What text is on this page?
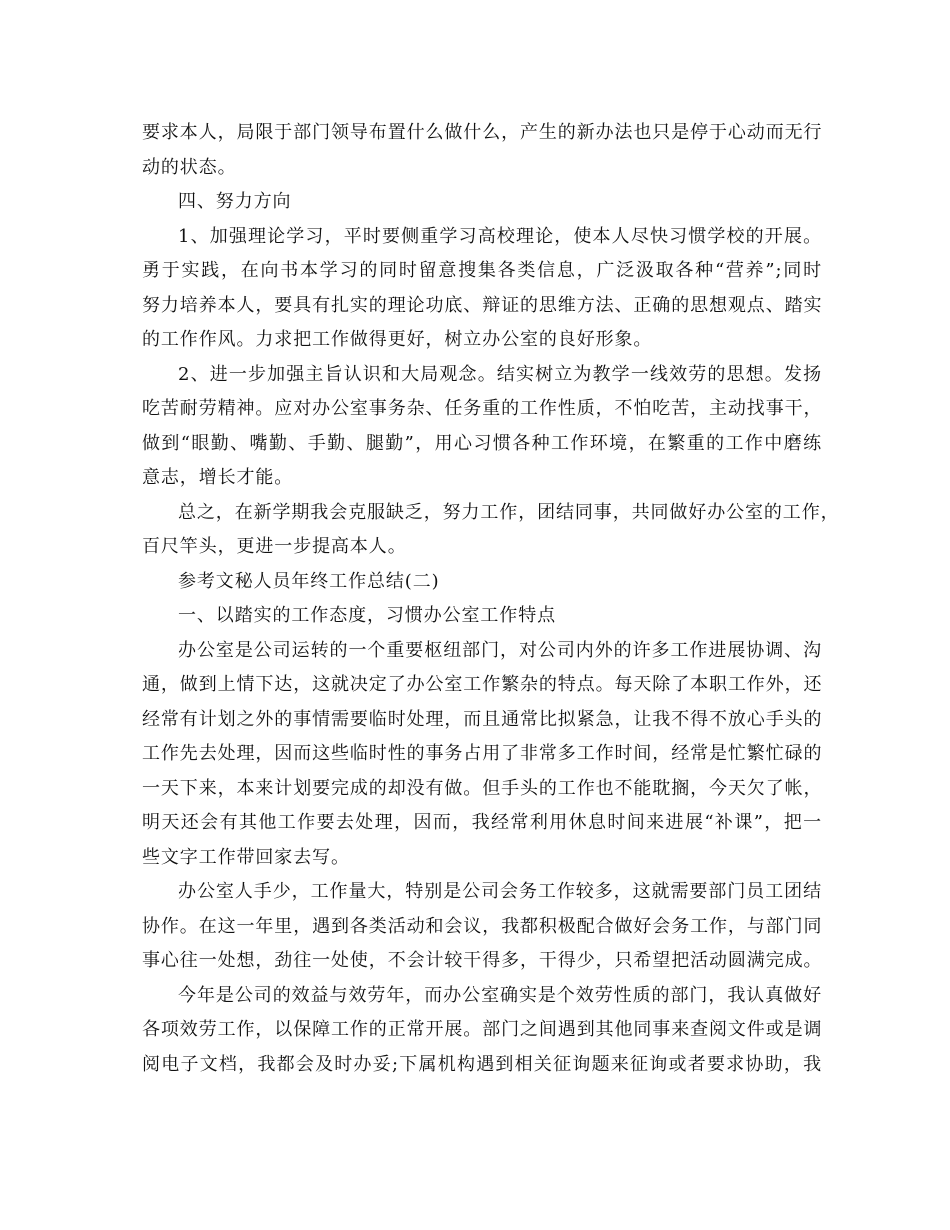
要求本人，局限于部门领导布置什么做什么，产生的新办法也只是停于心动而无行
动的状态。
四、努力方向
1、加强理论学习，平时要侧重学习高校理论，使本人尽快习惯学校的开展。
勇于实践，在向书本学习的同时留意搜集各类信息，广泛汲取各种“营养”;同时
努力培养本人，要具有扎实的理论功底、辩证的思维方法、正确的思想观点、踏实
的工作作风。力求把工作做得更好，树立办公室的良好形象。
2、进一步加强主旨认识和大局观念。结实树立为教学一线效劳的思想。发扬
吃苦耐劳精神。应对办公室事务杂、任务重的工作性质，不怕吃苦，主动找事干，
做到“眼勤、嘴勤、手勤、腿勤”，用心习惯各种工作环境，在繁重的工作中磨练
意志，增长才能。
总之，在新学期我会克服缺乏，努力工作，团结同事，共同做好办公室的工作，
百尺竿头，更进一步提高本人。
参考文秘人员年终工作总结(二)
一、以踏实的工作态度，习惯办公室工作特点
办公室是公司运转的一个重要枢纽部门，对公司内外的许多工作进展协调、沟
通，做到上情下达，这就决定了办公室工作繁杂的特点。每天除了本职工作外，还
经常有计划之外的事情需要临时处理，而且通常比拟紧急，让我不得不放心手头的
工作先去处理，因而这些临时性的事务占用了非常多工作时间，经常是忙繁忙碌的
一天下来，本来计划要完成的却没有做。但手头的工作也不能耽搁，今天欠了帐，
明天还会有其他工作要去处理，因而，我经常利用休息时间来进展“补课”，把一
些文字工作带回家去写。
办公室人手少，工作量大，特别是公司会务工作较多，这就需要部门员工团结
协作。在这一年里，遇到各类活动和会议，我都积极配合做好会务工作，与部门同
事心往一处想，劲往一处使，不会计较干得多，干得少，只希望把活动圆满完成。
今年是公司的效益与效劳年，而办公室确实是个效劳性质的部门，我认真做好
各项效劳工作，以保障工作的正常开展。部门之间遇到其他同事来查阅文件或是调
阅电子文档，我都会及时办妥;下属机构遇到相关征询题来征询或者要求协助，我
